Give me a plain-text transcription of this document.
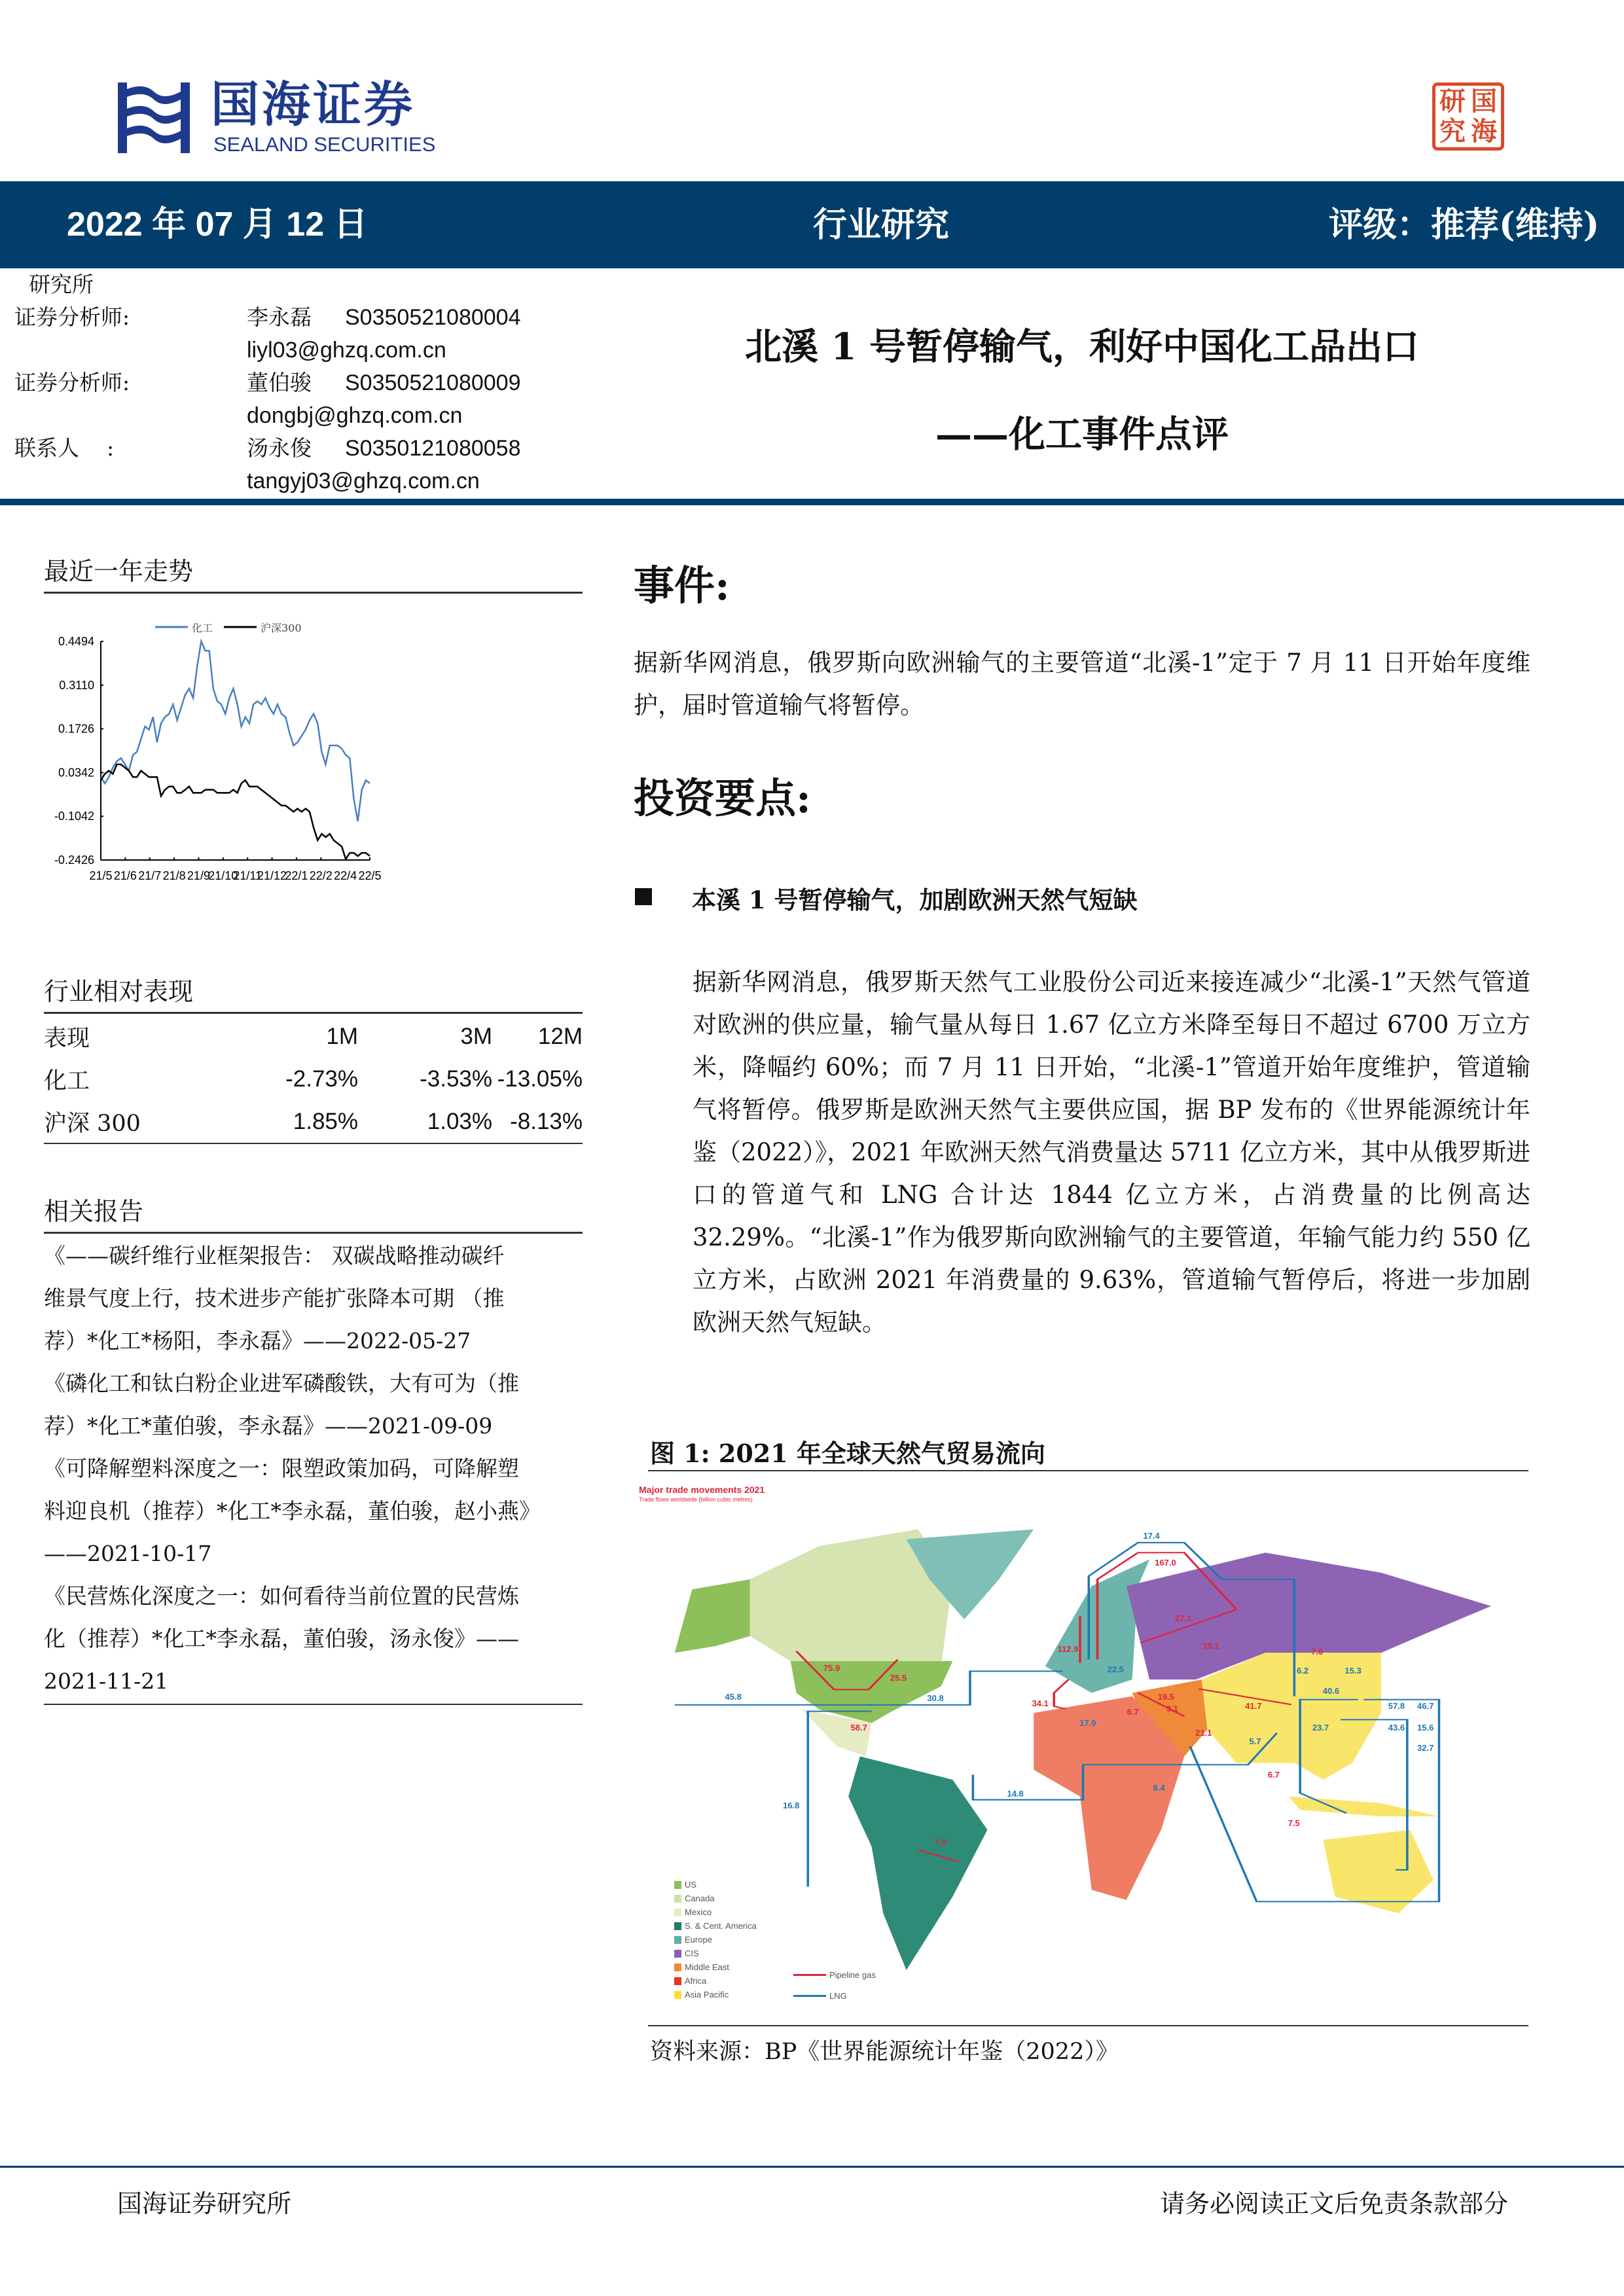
国海证券
SEALAND SECURITIES
研 国
究 海
2022 年 07 月 12 日	行业研究	评级：推荐(维持)
研究所
证券分析师:	李永磊	S0350521080004
liyl03@ghzq.com.cn
证券分析师:	董伯骏	S0350521080009
dongbj@ghzq.com.cn
联系人    :	汤永俊	S0350121080058
tangyj03@ghzq.com.cn
北溪 1 号暂停输气，利好中国化工品出口
——化工事件点评
最近一年走势
化工	沪深300
0.4494
0.3110
0.1726
0.0342
-0.1042
-0.2426
21/5 21/6 21/7 21/8 21/9
21/10
21/11
21/12
22/1 22/2 22/4 22/5
行业相对表现
表现	1M	3M	12M
化工	-2.73%	-3.53%	-13.05%
沪深 300	1.85%	1.03%	-8.13%
相关报告
《——碳纤维行业框架报告： 双碳战略推动碳纤
维景气度上行，技术进步产能扩张降本可期 （推
荐）*化工*杨阳，李永磊》——2022-05-27
《磷化工和钛白粉企业进军磷酸铁，大有可为（推
荐）*化工*董伯骏，李永磊》——2021-09-09
《可降解塑料深度之一：限塑政策加码，可降解塑
料迎良机（推荐）*化工*李永磊，董伯骏，赵小燕》
——2021-10-17
《民营炼化深度之一：如何看待当前位置的民营炼
化（推荐）*化工*李永磊，董伯骏，汤永俊》——
2021-11-21
事件:
据新华网消息，俄罗斯向欧洲输气的主要管道“北溪-1”定于 7 月 11 日开始年度维护，届时管道输气将暂停。
投资要点:
本溪 1 号暂停输气，加剧欧洲天然气短缺
据新华网消息，俄罗斯天然气工业股份公司近来接连减少“北溪-1”天然气管道对欧洲的供应量，输气量从每日 1.67 亿立方米降至每日不超过 6700 万立方米，降幅约 60%；而 7 月 11 日开始，“北溪-1”管道开始年度维护，管道输气将暂停。俄罗斯是欧洲天然气主要供应国，据 BP 发布的《世界能源统计年鉴（2022）》，2021 年欧洲天然气消费量达 5711 亿立方米，其中从俄罗斯进口的管道气和 LNG 合计达 1844 亿立方米，占消费量的比例高达 32.29%。“北溪-1”作为俄罗斯向欧洲输气的主要管道，年输气能力约 550 亿立方米，占欧洲 2021 年消费量的 9.63%，管道输气暂停后，将进一步加剧欧洲天然气短缺。
图 1: 2021 年全球天然气贸易流向
Major trade movements 2021
Trade flows worldwide (billion cubic metres)
17.4
167.0
27.1
15.1
112.9	7.6
22.5	6.2	15.3
75.9
25.5
45.8	30.8	19.5
40.6
34.1	41.7	57.8 46.7
6.7	9.1
17.9
58.7	23.7	43.6 15.6
21.1
5.7
32.7
6.7
14.8
8.4
16.8
7.5
7.0
US
Canada
Mexico
S. & Cent. America
Europe
CIS
Middle East
Africa
Asia Pacific
Pipeline gas
LNG
资料来源：BP《世界能源统计年鉴（2022）》
国海证券研究所	请务必阅读正文后免责条款部分
